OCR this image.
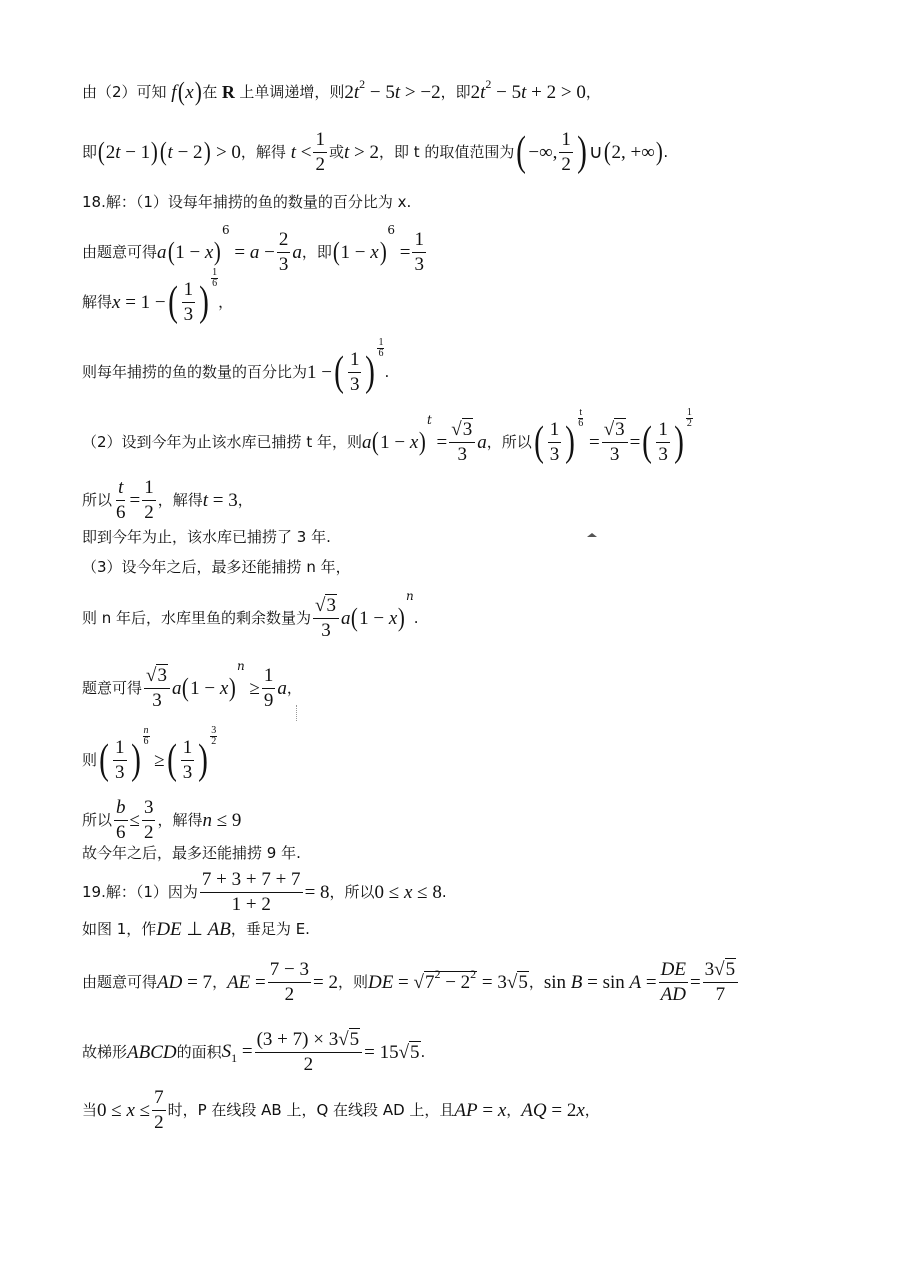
由（2）可知 f ( x ) 在 R 上单调递增，则 $2t^2 - 5t > -2$ ，即 $2t^2 - 5t + 2 > 0$ ，
即 ( 2t − 1 ) ( t − 2 ) > 0 ，解得 $t < \frac{1}{2}$ 或 t > 2 ，即 t 的取值范围为 ( −∞, $\frac{1}{2}$ ) ∪ ( 2, +∞ ) .
18.解：（1）设每年捕捞的鱼的数量的百分比为 x.
由题意可得 a ( 1 − x )
$^6$
= $a - \frac{2}{3}$ a ，即 ( 1 − x )
$^6$
= $\frac{1}{3}$
解得 x = 1 − ( $\frac{1}{3}$ )
1
6
，
则每年捕捞的鱼的数量的百分比为 1 − ( $\frac{1}{3}$ )
1
6
.
（2）设到今年为止该水库已捕捞 t 年，则 a ( 1 − x )
$^t$
= $\frac{√3}{3}$ a ，所以 ( $\frac{1}{3}$ )
$\frac{t}{6}$
= $\frac{√3}{3}$ = ( $\frac{1}{3}$ )
1
2
所以 $\frac{t}{6} = \frac{1}{2}$ ，解得 t = 3 ，
即到今年为止，该水库已捕捞了 3 年.
（3）设今年之后，最多还能捕捞 n 年，
则 n 年后，水库里鱼的剩余数量为 $\frac{√3}{3}$ a ( 1 − x )
$^n$
.
题意可得 $\frac{√3}{3}$ a ( 1 − x )
$^n$
≥ $\frac{1}{9}$ a ，
则 ( $\frac{1}{3}$ )
$\frac{n}{6}$
≥ ( $\frac{1}{3}$ )
3
2
所以 $\frac{b}{6} \le \frac{3}{2}$ ，解得 n ≤ 9
故今年之后，最多还能捕捞 9 年.
19.解：（1）因为 $\frac{7 + 3 + 7 + 7}{1 + 2} = 8$ ，所以 0 ≤ x ≤ 8 .
如图 1，作 DE ⊥ AB ，垂足为 E.
由题意可得 AD = 7 ， AE = $\frac{7 - 3}{2} = 2$ ，则 DE = $√7^2 - 2^2 = 3√5$ ， $\sin B = \sin A = \frac{DE}{AD} = \frac{3√5}{7}$
故梯形 ABCD 的面积 $S_1 = \frac{(3 + 7) \times 3√5}{2} = 15√5$ .
当 $0 \le x \le \frac{7}{2}$ 时，P 在线段 AB 上，Q 在线段 AD 上，且 AP = x ， AQ = 2x ，
